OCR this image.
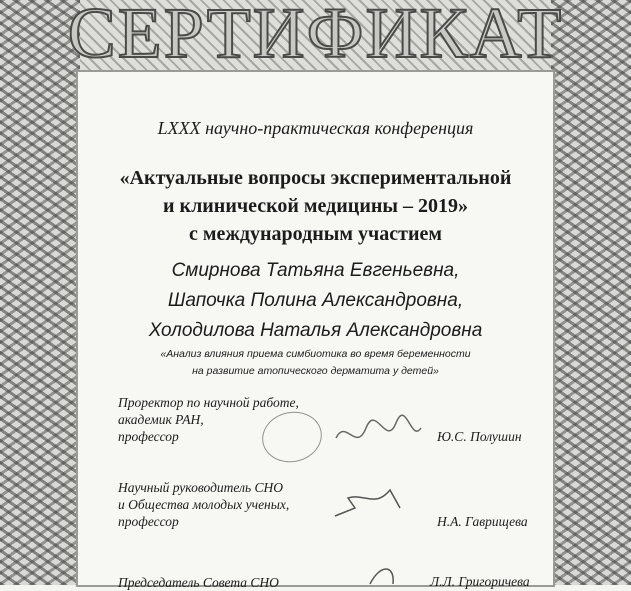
СЕРТИФИКАТ
LXXX научно-практическая конференция
«Актуальные вопросы экспериментальной
и клинической медицины – 2019»
с международным участием
Смирнова Татьяна Евгеньевна,
Шапочка Полина Александровна,
Холодилова Наталья Александровна
«Анализ влияния приема симбиотика во время беременности
на развитие атопического дерматита у детей»
Проректор по научной работе,
академик РАН,
профессор	Ю.С. Полушин
Научный руководитель СНО
и Общества молодых ученых,
профессор	Н.А. Гаврищева
Председатель Совета СНО	Л.Л. Григоричева
